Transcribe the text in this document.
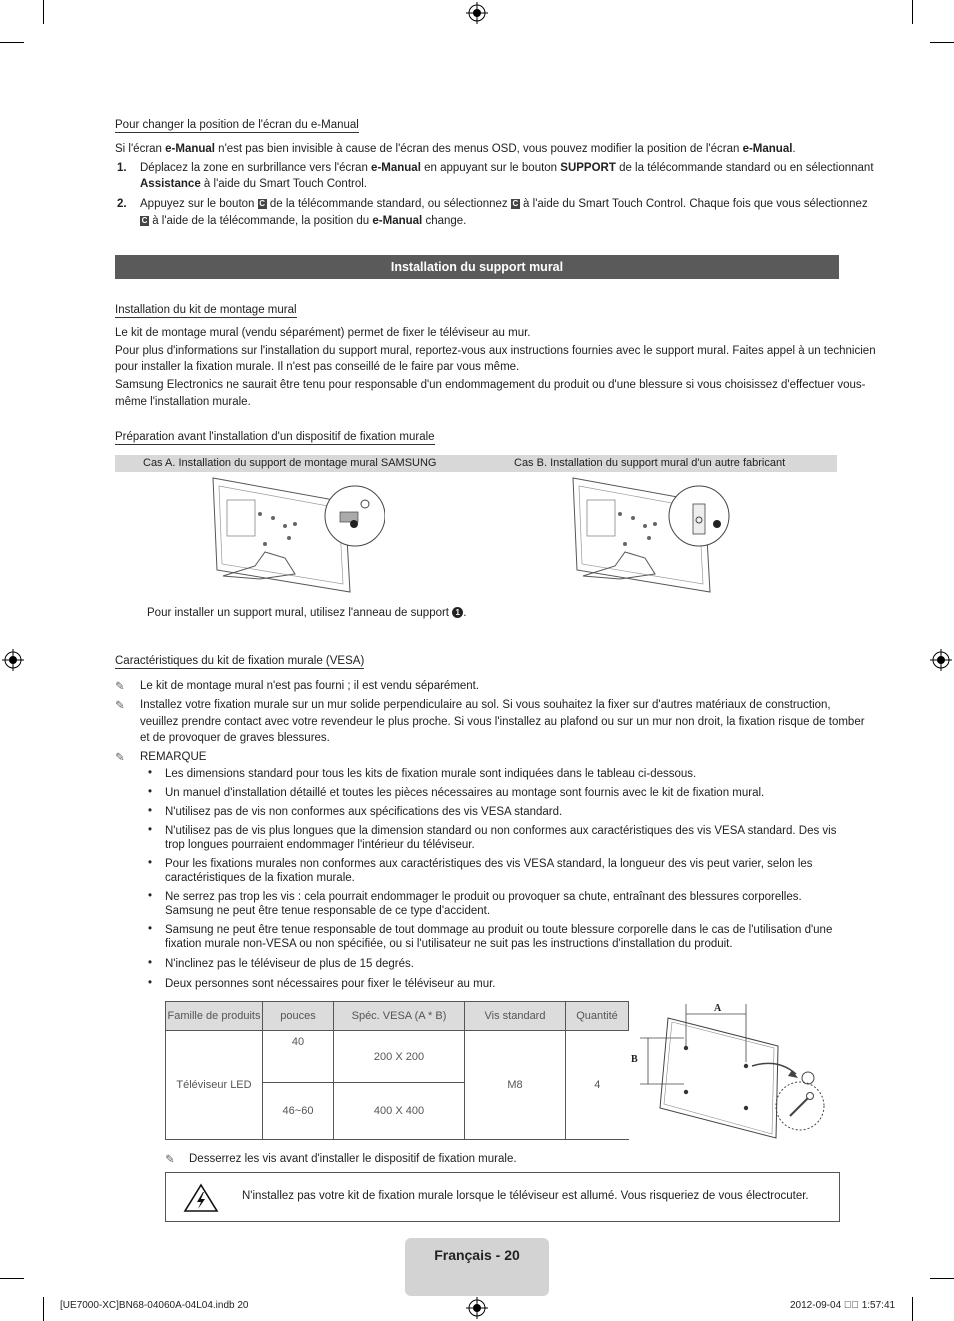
Pour changer la position de l'écran du e-Manual

Si l'écran e-Manual n'est pas bien invisible à cause de l'écran des menus OSD, vous pouvez modifier la position de l'écran e-Manual.

1. Déplacez la zone en surbrillance vers l'écran e-Manual en appuyant sur le bouton SUPPORT de la télécommande standard ou en sélectionnant

Assistance à l'aide du Smart Touch Control.

2. Appuyez sur le bouton C de la télécommande standard, ou sélectionnez C à l'aide du Smart Touch Control. Chaque fois que vous sélectionnez

C à l'aide de la télécommande, la position du e-Manual change.

Installation du support mural
Installation du kit de montage mural

Le kit de montage mural (vendu séparément) permet de fixer le téléviseur au mur.

Pour plus d'informations sur l'installation du support mural, reportez-vous aux instructions fournies avec le support mural. Faites appel à un technicien

pour installer la fixation murale. Il n'est pas conseillé de le faire par vous même.

Samsung Electronics ne saurait être tenu pour responsable d'un endommagement du produit ou d'une blessure si vous choisissez d'effectuer vous-

même l'installation murale.

Préparation avant l'installation d'un dispositif de fixation murale
Cas A. Installation du support de montage mural SAMSUNG	Cas B. Installation du support mural d'un autre fabricant

Pour installer un support mural, utilisez l'anneau de support 1 .

Caractéristiques du kit de fixation murale (VESA)
✎ Le kit de montage mural n'est pas fourni ; il est vendu séparément.

✎ Installez votre fixation murale sur un mur solide perpendiculaire au sol. Si vous souhaitez la fixer sur d'autres matériaux de construction,

veuillez prendre contact avec votre revendeur le plus proche. Si vous l'installez au plafond ou sur un mur non droit, la fixation risque de tomber

et de provoquer de graves blessures.

✎ REMARQUE

• Les dimensions standard pour tous les kits de fixation murale sont indiquées dans le tableau ci-dessous.
• Un manuel d'installation détaillé et toutes les pièces nécessaires au montage sont fournis avec le kit de fixation mural.
• N'utilisez pas de vis non conformes aux spécifications des vis VESA standard.
• N'utilisez pas de vis plus longues que la dimension standard ou non conformes aux caractéristiques des vis VESA standard. Des vis trop longues pourraient endommager l'intérieur du téléviseur.
• Pour les fixations murales non conformes aux caractéristiques des vis VESA standard, la longueur des vis peut varier, selon les caractéristiques de la fixation murale.
• Ne serrez pas trop les vis : cela pourrait endommager le produit ou provoquer sa chute, entraînant des blessures corporelles. Samsung ne peut être tenue responsable de ce type d'accident.
• Samsung ne peut être tenue responsable de tout dommage au produit ou toute blessure corporelle dans le cas de l'utilisation d'une fixation murale non-VESA ou non spécifiée, ou si l'utilisateur ne suit pas les instructions d'installation du produit.
• N'inclinez pas le téléviseur de plus de 15 degrés.
• Deux personnes sont nécessaires pour fixer le téléviseur au mur.
Famille de produits	pouces	Spéc. VESA (A * B)	Vis standard	Quantité
Téléviseur LED	40	200 X 200	M8	4
	46~60	400 X 400		
A
B
✎ Desserrez les vis avant d'installer le dispositif de fixation murale.

N'installez pas votre kit de fixation murale lorsque le téléviseur est allumé. Vous risqueriez de vous électrocuter.

Français - 20

[UE7000-XC]BN68-04060A-04L04.indb 20	2012-09-04 ￿￿ 1:57:41
